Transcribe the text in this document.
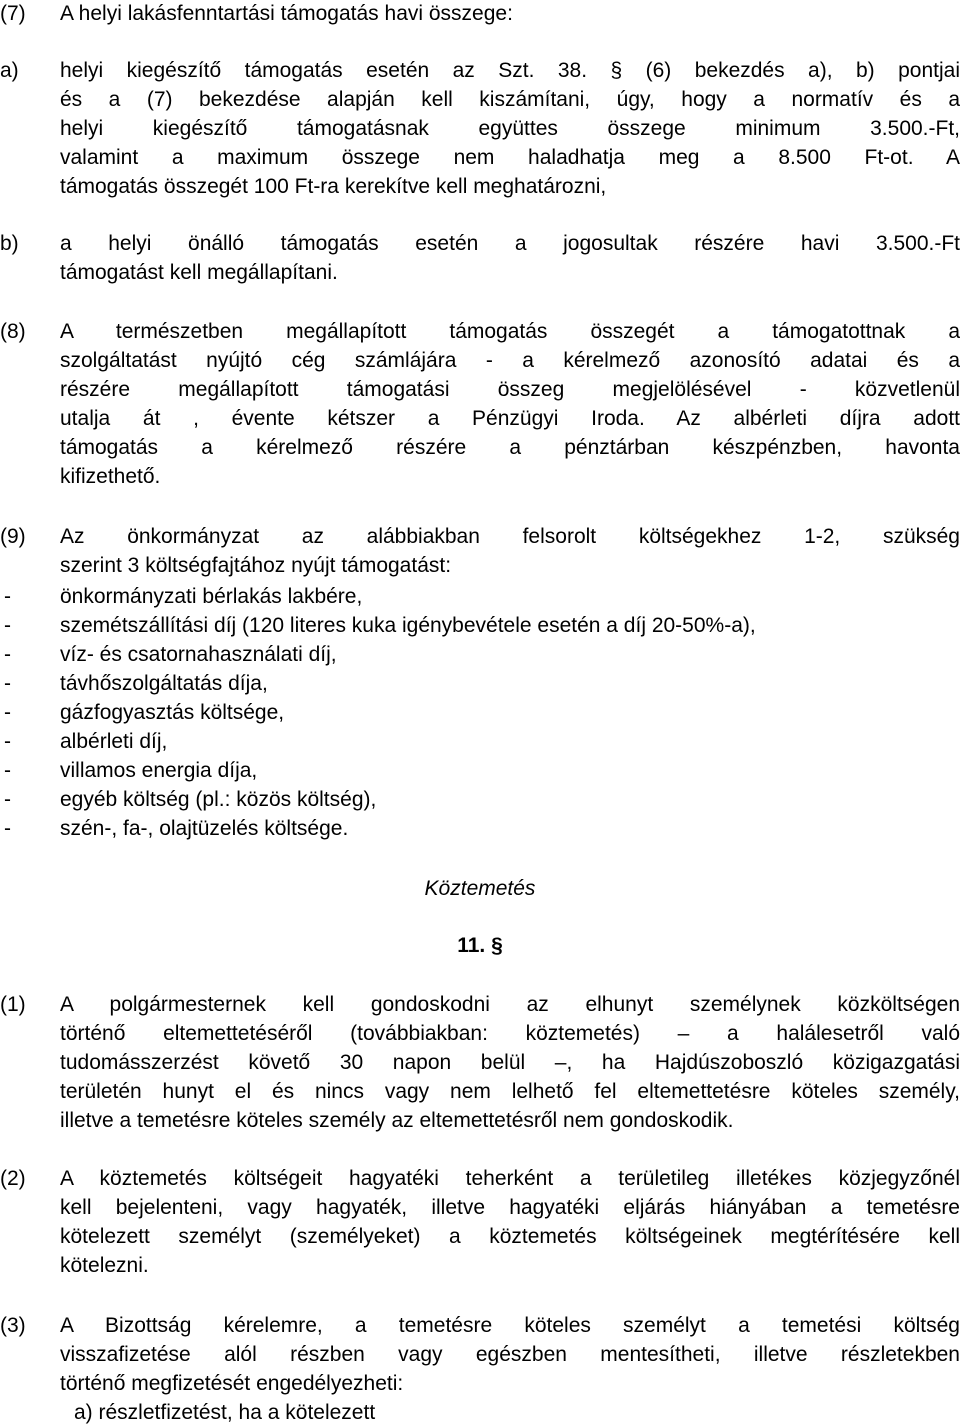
(7)	A helyi lakásfenntartási támogatás havi összege:
a)	helyi kiegészítő támogatás esetén az Szt. 38. § (6) bekezdés a), b) pontjai
és a (7) bekezdése alapján kell kiszámítani, úgy, hogy a normatív és a
helyi kiegészítő támogatásnak együttes összege minimum 3.500.-Ft,
valamint a maximum összege nem haladhatja meg a 8.500 Ft-ot. A
támogatás összegét 100 Ft-ra kerekítve kell meghatározni,
b)	a helyi önálló támogatás esetén a jogosultak részére havi 3.500.-Ft
támogatást kell megállapítani.
(8)	A természetben megállapított támogatás összegét a támogatottnak a
szolgáltatást nyújtó cég számlájára - a kérelmező azonosító adatai és a
részére megállapított támogatási összeg megjelölésével - közvetlenül
utalja át , évente kétszer a Pénzügyi Iroda. Az albérleti díjra adott
támogatás a kérelmező részére a pénztárban készpénzben, havonta
kifizethető.
(9)	Az önkormányzat az alábbiakban felsorolt költségekhez 1-2, szükség
szerint 3 költségfajtához nyújt támogatást:
- önkormányzati bérlakás lakbére,
- szemétszállítási díj (120 literes kuka igénybevétele esetén a díj 20-50%-a),
- víz- és csatornahasználati díj,
- távhőszolgáltatás díja,
- gázfogyasztás költsége,
- albérleti díj,
- villamos energia díja,
- egyéb költség (pl.: közös költség),
- szén-, fa-, olajtüzelés költsége.
Köztemetés
11. §
(1)	A polgármesternek kell gondoskodni az elhunyt személynek közköltségen
történő eltemettetéséről (továbbiakban: köztemetés) – a halálesetről való
tudomásszerzést követő 30 napon belül –, ha Hajdúszoboszló közigazgatási
területén hunyt el és nincs vagy nem lelhető fel eltemettetésre köteles személy,
illetve a temetésre köteles személy az eltemettetésről nem gondoskodik.
(2)	A köztemetés költségeit hagyatéki teherként a területileg illetékes közjegyzőnél
kell bejelenteni, vagy hagyaték, illetve hagyatéki eljárás hiányában a temetésre
kötelezett személyt (személyeket) a köztemetés költségeinek megtérítésére kell
kötelezni.
(3)	A Bizottság kérelemre, a temetésre köteles személyt a temetési költség
visszafizetése alól részben vagy egészben mentesítheti, illetve részletekben
történő megfizetését engedélyezheti:
a) részletfizetést, ha a kötelezett
